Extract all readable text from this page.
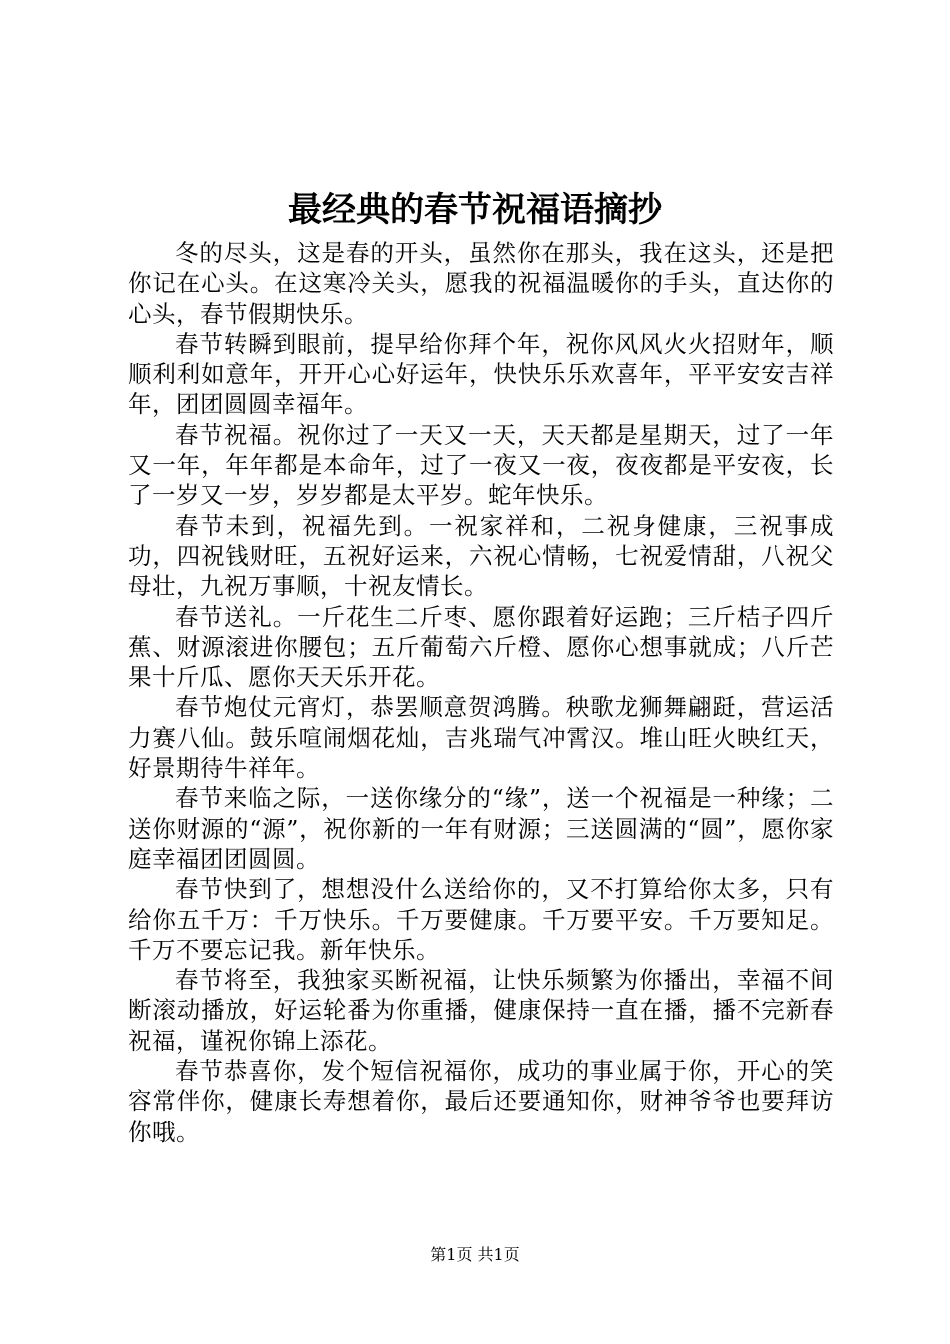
最经典的春节祝福语摘抄

冬的尽头，这是春的开头，虽然你在那头，我在这头，还是把你记在心头。在这寒冷关头，愿我的祝福温暖你的手头，直达你的心头，春节假期快乐。

春节转瞬到眼前，提早给你拜个年，祝你风风火火招财年，顺顺利利如意年，开开心心好运年，快快乐乐欢喜年，平平安安吉祥年，团团圆圆幸福年。

春节祝福。祝你过了一天又一天，天天都是星期天，过了一年又一年，年年都是本命年，过了一夜又一夜，夜夜都是平安夜，长了一岁又一岁，岁岁都是太平岁。蛇年快乐。

春节未到，祝福先到。一祝家祥和，二祝身健康，三祝事成功，四祝钱财旺，五祝好运来，六祝心情畅，七祝爱情甜，八祝父母壮，九祝万事顺，十祝友情长。

春节送礼。一斤花生二斤枣、愿你跟着好运跑；三斤桔子四斤蕉、财源滚进你腰包；五斤葡萄六斤橙、愿你心想事就成；八斤芒果十斤瓜、愿你天天乐开花。

春节炮仗元宵灯，恭罢顺意贺鸿腾。秧歌龙狮舞翩跹，营运活力赛八仙。鼓乐喧闹烟花灿，吉兆瑞气冲霄汉。堆山旺火映红天，好景期待牛祥年。

春节来临之际，一送你缘分的“缘”，送一个祝福是一种缘；二送你财源的“源”，祝你新的一年有财源；三送圆满的“圆”，愿你家庭幸福团团圆圆。

春节快到了，想想没什么送给你的，又不打算给你太多，只有给你五千万：千万快乐。千万要健康。千万要平安。千万要知足。千万不要忘记我。新年快乐。

春节将至，我独家买断祝福，让快乐频繁为你播出，幸福不间断滚动播放，好运轮番为你重播，健康保持一直在播，播不完新春祝福，谨祝你锦上添花。

春节恭喜你，发个短信祝福你，成功的事业属于你，开心的笑容常伴你，健康长寿想着你，最后还要通知你，财神爷爷也要拜访你哦。

第1页 共1页
